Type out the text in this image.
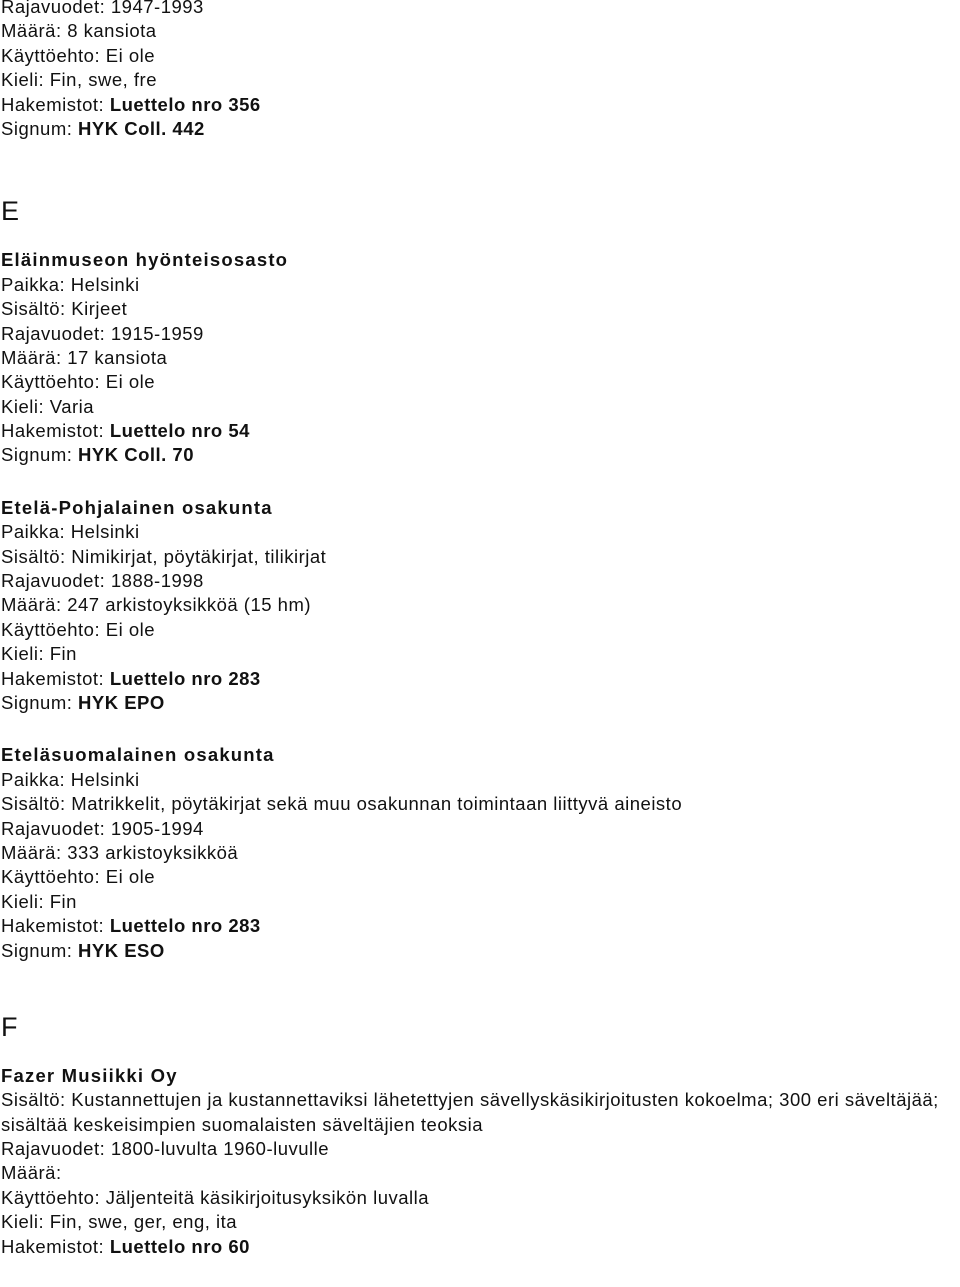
Rajavuodet: 1947-1993
Määrä: 8 kansiota
Käyttöehto: Ei ole
Kieli: Fin, swe, fre
Hakemistot: Luettelo nro 356
Signum: HYK Coll. 442
E
Eläinmuseon hyönteisosasto
Paikka: Helsinki
Sisältö: Kirjeet
Rajavuodet: 1915-1959
Määrä: 17 kansiota
Käyttöehto: Ei ole
Kieli: Varia
Hakemistot: Luettelo nro 54
Signum: HYK Coll. 70
Etelä-Pohjalainen osakunta
Paikka: Helsinki
Sisältö: Nimikirjat, pöytäkirjat, tilikirjat
Rajavuodet: 1888-1998
Määrä: 247 arkistoyksikköä (15 hm)
Käyttöehto: Ei ole
Kieli: Fin
Hakemistot: Luettelo nro 283
Signum: HYK EPO
Eteläsuomalainen osakunta
Paikka: Helsinki
Sisältö: Matrikkelit, pöytäkirjat sekä muu osakunnan toimintaan liittyvä aineisto
Rajavuodet: 1905-1994
Määrä: 333 arkistoyksikköä
Käyttöehto: Ei ole
Kieli: Fin
Hakemistot: Luettelo nro 283
Signum: HYK ESO
F
Fazer Musiikki Oy
Sisältö: Kustannettujen ja kustannettaviksi lähetettyjen sävellyskäsikirjoitusten kokoelma; 300 eri säveltäjää; sisältää keskeisimpien suomalaisten säveltäjien teoksia
Rajavuodet: 1800-luvulta 1960-luvulle
Määrä:
Käyttöehto: Jäljenteitä käsikirjoitusyksikön luvalla
Kieli: Fin, swe, ger, eng, ita
Hakemistot: Luettelo nro 60
